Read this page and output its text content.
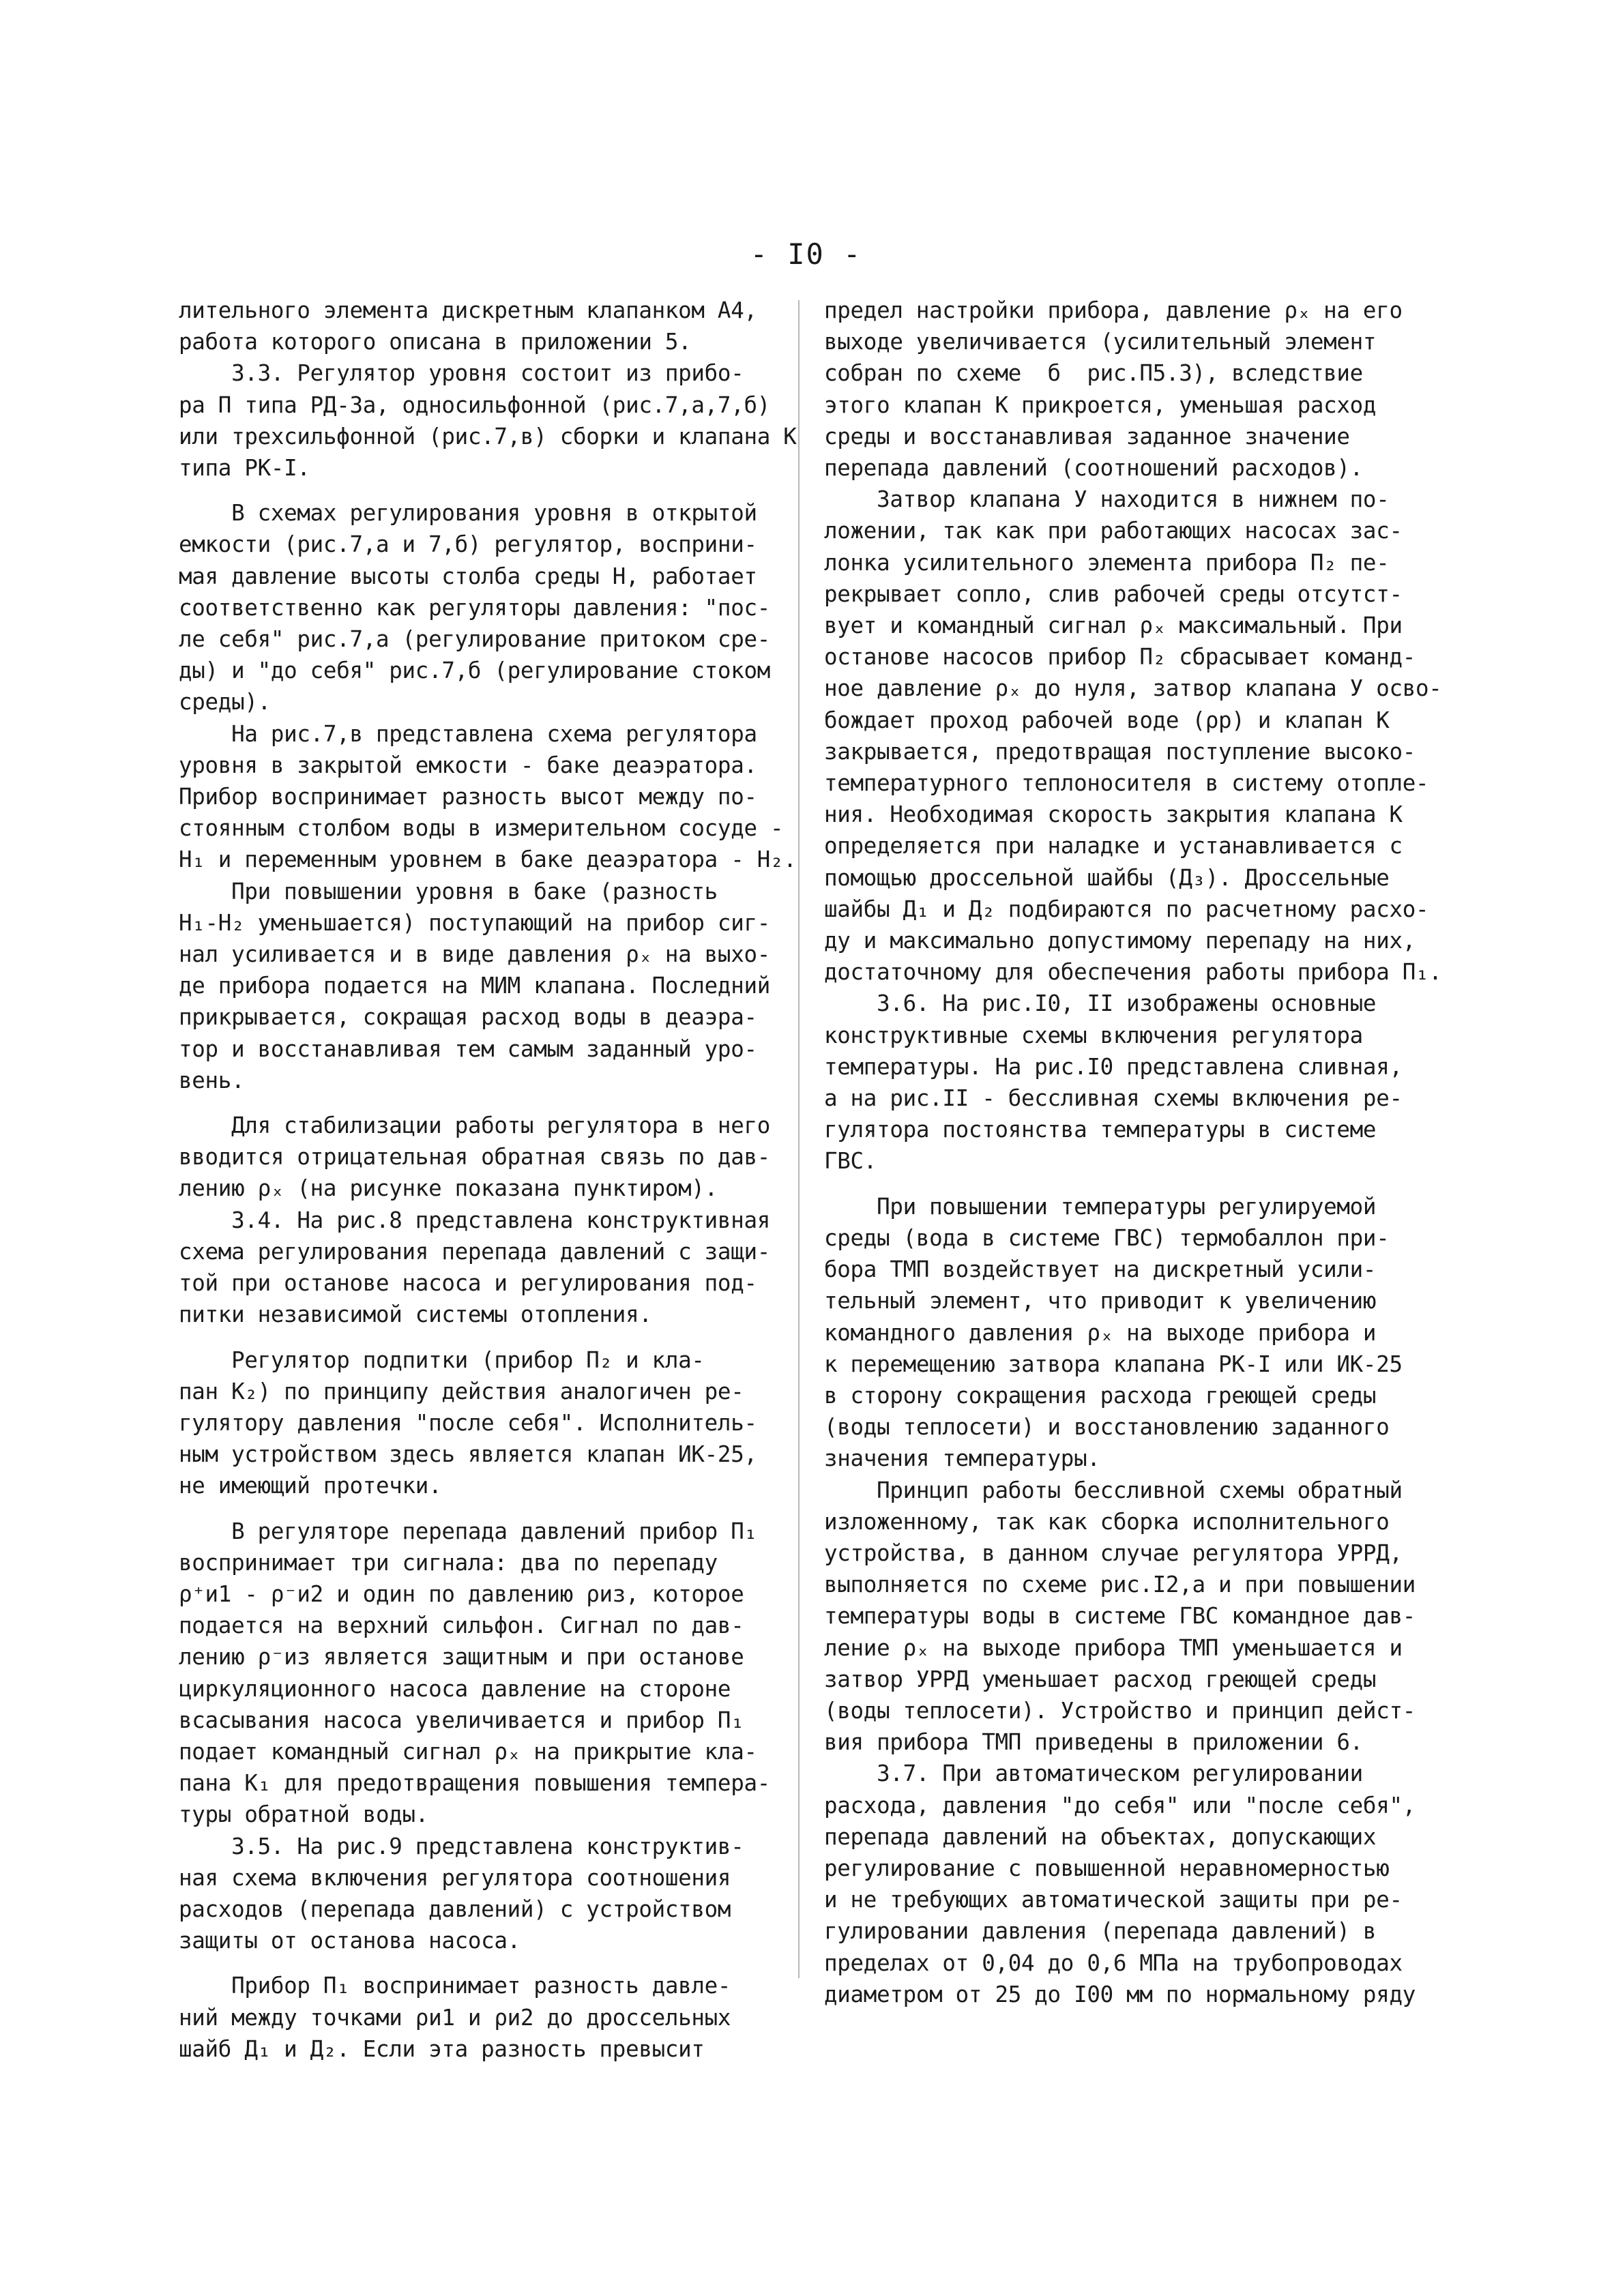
- I0 -

лительного элемента дискретным клапанком А4,

работа которого описана в приложении 5.

3.3. Регулятор уровня состоит из прибо-

ра П типа РД-3а, односильфонной (рис.7,а,7,б)

или трехсильфонной (рис.7,в) сборки и клапана К

типа РК-I.

В схемах регулирования уровня в открытой

емкости (рис.7,а и 7,б) регулятор, восприни-

мая давление высоты столба среды Н, работает

соответственно как регуляторы давления: "пос-

ле себя" рис.7,а (регулирование притоком сре-

ды) и "до себя" рис.7,б (регулирование стоком

среды).

На рис.7,в представлена схема регулятора

уровня в закрытой емкости - баке деаэратора.

Прибор воспринимает разность высот между по-

стоянным столбом воды в измерительном сосуде -

Н₁ и переменным уровнем в баке деаэратора - Н₂.

При повышении уровня в баке (разность

Н₁-Н₂ уменьшается) поступающий на прибор сиг-

нал усиливается и в виде давления ρₓ на выхо-

де прибора подается на МИМ клапана. Последний

прикрывается, сокращая расход воды в деаэра-

тор и восстанавливая тем самым заданный уро-

вень.

Для стабилизации работы регулятора в него

вводится отрицательная обратная связь по дав-

лению ρₓ (на рисунке показана пунктиром).

3.4. На рис.8 представлена конструктивная

схема регулирования перепада давлений с защи-

той при останове насоса и регулирования под-

питки независимой системы отопления.

Регулятор подпитки (прибор П₂ и кла-

пан К₂) по принципу действия аналогичен ре-

гулятору давления "после себя". Исполнитель-

ным устройством здесь является клапан ИК-25,

не имеющий протечки.

В регуляторе перепада давлений прибор П₁

воспринимает три сигнала: два по перепаду

ρ⁺и1 - ρ⁻и2 и один по давлению ρиз, которое

подается на верхний сильфон. Сигнал по дав-

лению ρ⁻из является защитным и при останове

циркуляционного насоса давление на стороне

всасывания насоса увеличивается и прибор П₁

подает командный сигнал ρₓ на прикрытие кла-

пана К₁ для предотвращения повышения темпера-

туры обратной воды.

3.5. На рис.9 представлена конструктив-

ная схема включения регулятора соотношения

расходов (перепада давлений) с устройством

защиты от останова насоса.

Прибор П₁ воспринимает разность давле-

ний между точками ρи1 и ρи2 до дроссельных

шайб Д₁ и Д₂. Если эта разность превысит

предел настройки прибора, давление ρₓ на его

выходе увеличивается (усилительный элемент

собран по схеме  б  рис.П5.3), вследствие

этого клапан К прикроется, уменьшая расход

среды и восстанавливая заданное значение

перепада давлений (соотношений расходов).

Затвор клапана У находится в нижнем по-

ложении, так как при работающих насосах зас-

лонка усилительного элемента прибора П₂ пе-

рекрывает сопло, слив рабочей среды отсутст-

вует и командный сигнал ρₓ максимальный. При

останове насосов прибор П₂ сбрасывает команд-

ное давление ρₓ до нуля, затвор клапана У осво-

бождает проход рабочей воде (ρр) и клапан К

закрывается, предотвращая поступление высоко-

температурного теплоносителя в систему отопле-

ния. Необходимая скорость закрытия клапана К

определяется при наладке и устанавливается с

помощью дроссельной шайбы (Д₃). Дроссельные

шайбы Д₁ и Д₂ подбираются по расчетному расхо-

ду и максимально допустимому перепаду на них,

достаточному для обеспечения работы прибора П₁.

3.6. На рис.I0, II изображены основные

конструктивные схемы включения регулятора

температуры. На рис.I0 представлена сливная,

а на рис.II - бессливная схемы включения ре-

гулятора постоянства температуры в системе

ГВС.

При повышении температуры регулируемой

среды (вода в системе ГВС) термобаллон при-

бора ТМП воздействует на дискретный усили-

тельный элемент, что приводит к увеличению

командного давления ρₓ на выходе прибора и

к перемещению затвора клапана РК-I или ИК-25

в сторону сокращения расхода греющей среды

(воды теплосети) и восстановлению заданного

значения температуры.

Принцип работы бессливной схемы обратный

изложенному, так как сборка исполнительного

устройства, в данном случае регулятора УРРД,

выполняется по схеме рис.I2,а и при повышении

температуры воды в системе ГВС командное дав-

ление ρₓ на выходе прибора ТМП уменьшается и

затвор УРРД уменьшает расход греющей среды

(воды теплосети). Устройство и принцип дейст-

вия прибора ТМП приведены в приложении 6.

3.7. При автоматическом регулировании

расхода, давления "до себя" или "после себя",

перепада давлений на объектах, допускающих

регулирование с повышенной неравномерностью

и не требующих автоматической защиты при ре-

гулировании давления (перепада давлений) в

пределах от 0,04 до 0,6 МПа на трубопроводах

диаметром от 25 до I00 мм по нормальному ряду
